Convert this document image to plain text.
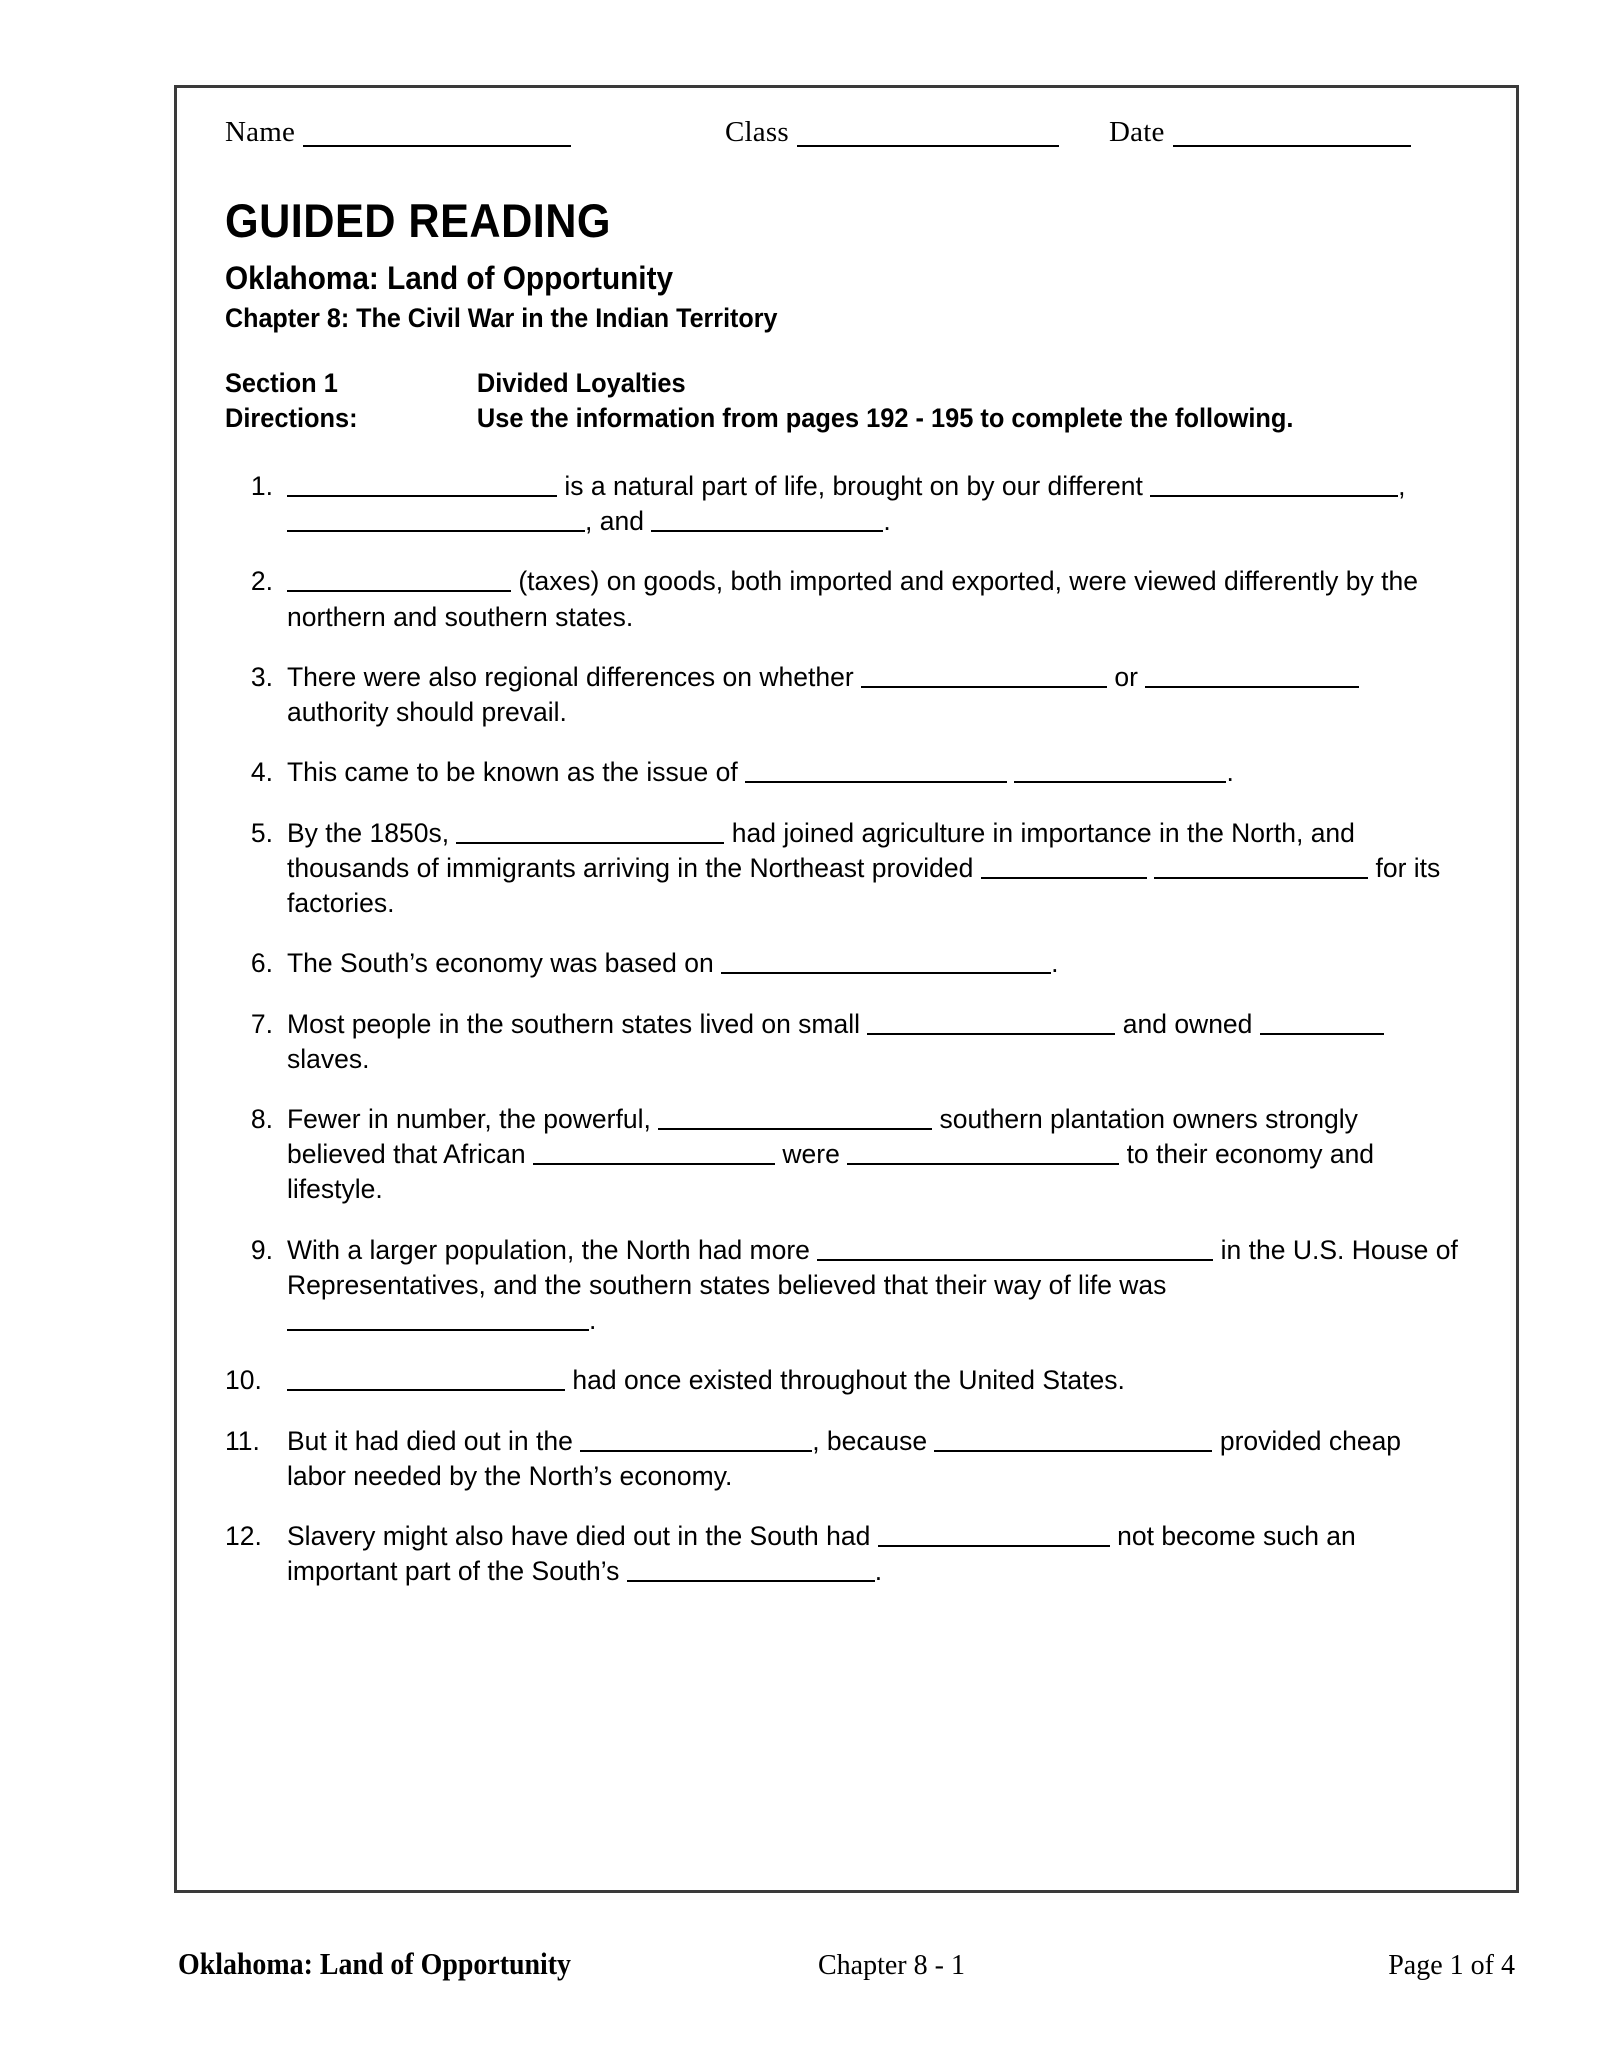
Name	Class	Date
GUIDED READING
Oklahoma: Land of Opportunity
Chapter 8: The Civil War in the Indian Territory
Section 1	Divided Loyalties
Directions:	Use the information from pages 192 - 195 to complete the following.
1.	is a natural part of life, brought on by our different	, , and	.
2.	(taxes) on goods, both imported and exported, were viewed differently by the northern and southern states.
3. There were also regional differences on whether	or  authority should prevail.
4. This came to be known as the issue of	.
5. By the 1850s,	had joined agriculture in importance in the North, and thousands of immigrants arriving in the Northeast provided	for its factories.
6. The South’s economy was based on	.
7. Most people in the southern states lived on small	and owned  slaves.
8. Fewer in number, the powerful,	southern plantation owners strongly believed that African	were	to their economy and lifestyle.
9. With a larger population, the North had more	in the U.S. House of Representatives, and the southern states believed that their way of life was .
10.	had once existed throughout the United States.
11.	But it had died out in the	, because	provided cheap labor needed by the North’s economy.
12. Slavery might also have died out in the South had	not become such an important part of the South’s	.
Oklahoma: Land of Opportunity	Chapter 8 - 1	Page 1 of 4
